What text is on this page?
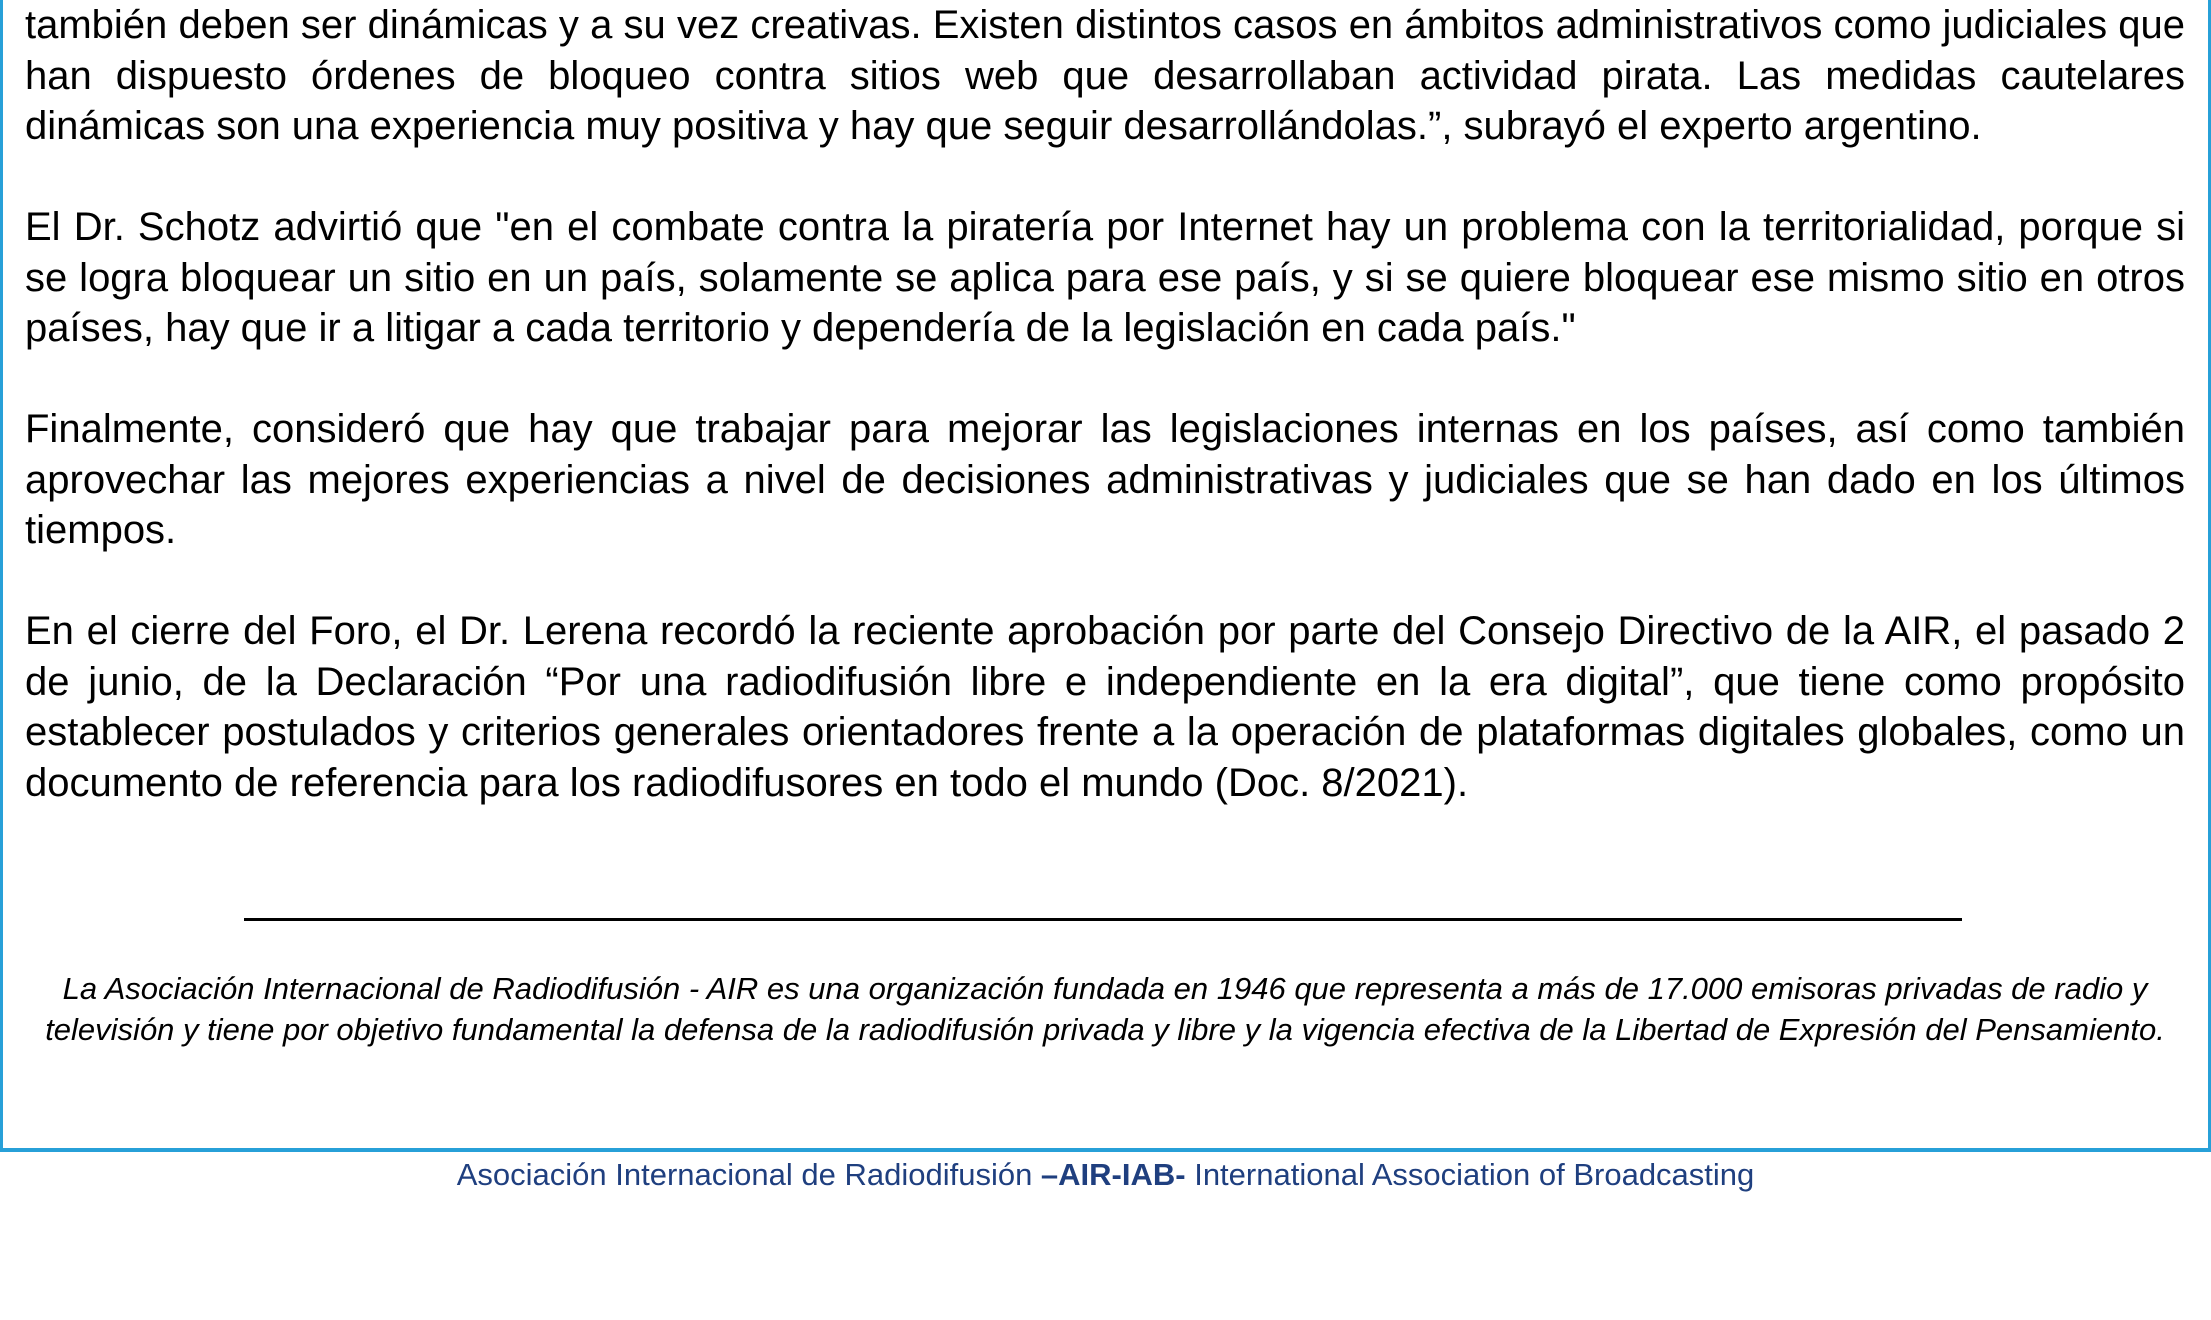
también deben ser dinámicas y a su vez creativas. Existen distintos casos en ámbitos administrativos como judiciales que han dispuesto órdenes de bloqueo contra sitios web que desarrollaban actividad pirata. Las medidas cautelares dinámicas son una experiencia muy positiva y hay que seguir desarrollándolas.”, subrayó el experto argentino.

El Dr. Schotz advirtió que "en el combate contra la piratería por Internet hay un problema con la territorialidad, porque si se logra bloquear un sitio en un país, solamente se aplica para ese país, y si se quiere bloquear ese mismo sitio en otros países, hay que ir a litigar a cada territorio y dependería de la legislación en cada país."

Finalmente, consideró que hay que trabajar para mejorar las legislaciones internas en los países, así como también aprovechar las mejores experiencias a nivel de decisiones administrativas y judiciales que se han dado en los últimos tiempos.

En el cierre del Foro, el Dr. Lerena recordó la reciente aprobación por parte del Consejo Directivo de la AIR, el pasado 2 de junio, de la Declaración “Por una radiodifusión libre e independiente en la era digital”, que tiene como propósito establecer postulados y criterios generales orientadores frente a la operación de plataformas digitales globales, como un documento de referencia para los radiodifusores en todo el mundo (Doc. 8/2021).

La Asociación Internacional de Radiodifusión - AIR es una organización fundada en 1946 que representa a más de 17.000 emisoras privadas de radio y televisión y tiene por objetivo fundamental la defensa de la radiodifusión privada y libre y la vigencia efectiva de la Libertad de Expresión del Pensamiento.
Asociación Internacional de Radiodifusión –AIR-IAB- International Association of Broadcasting
